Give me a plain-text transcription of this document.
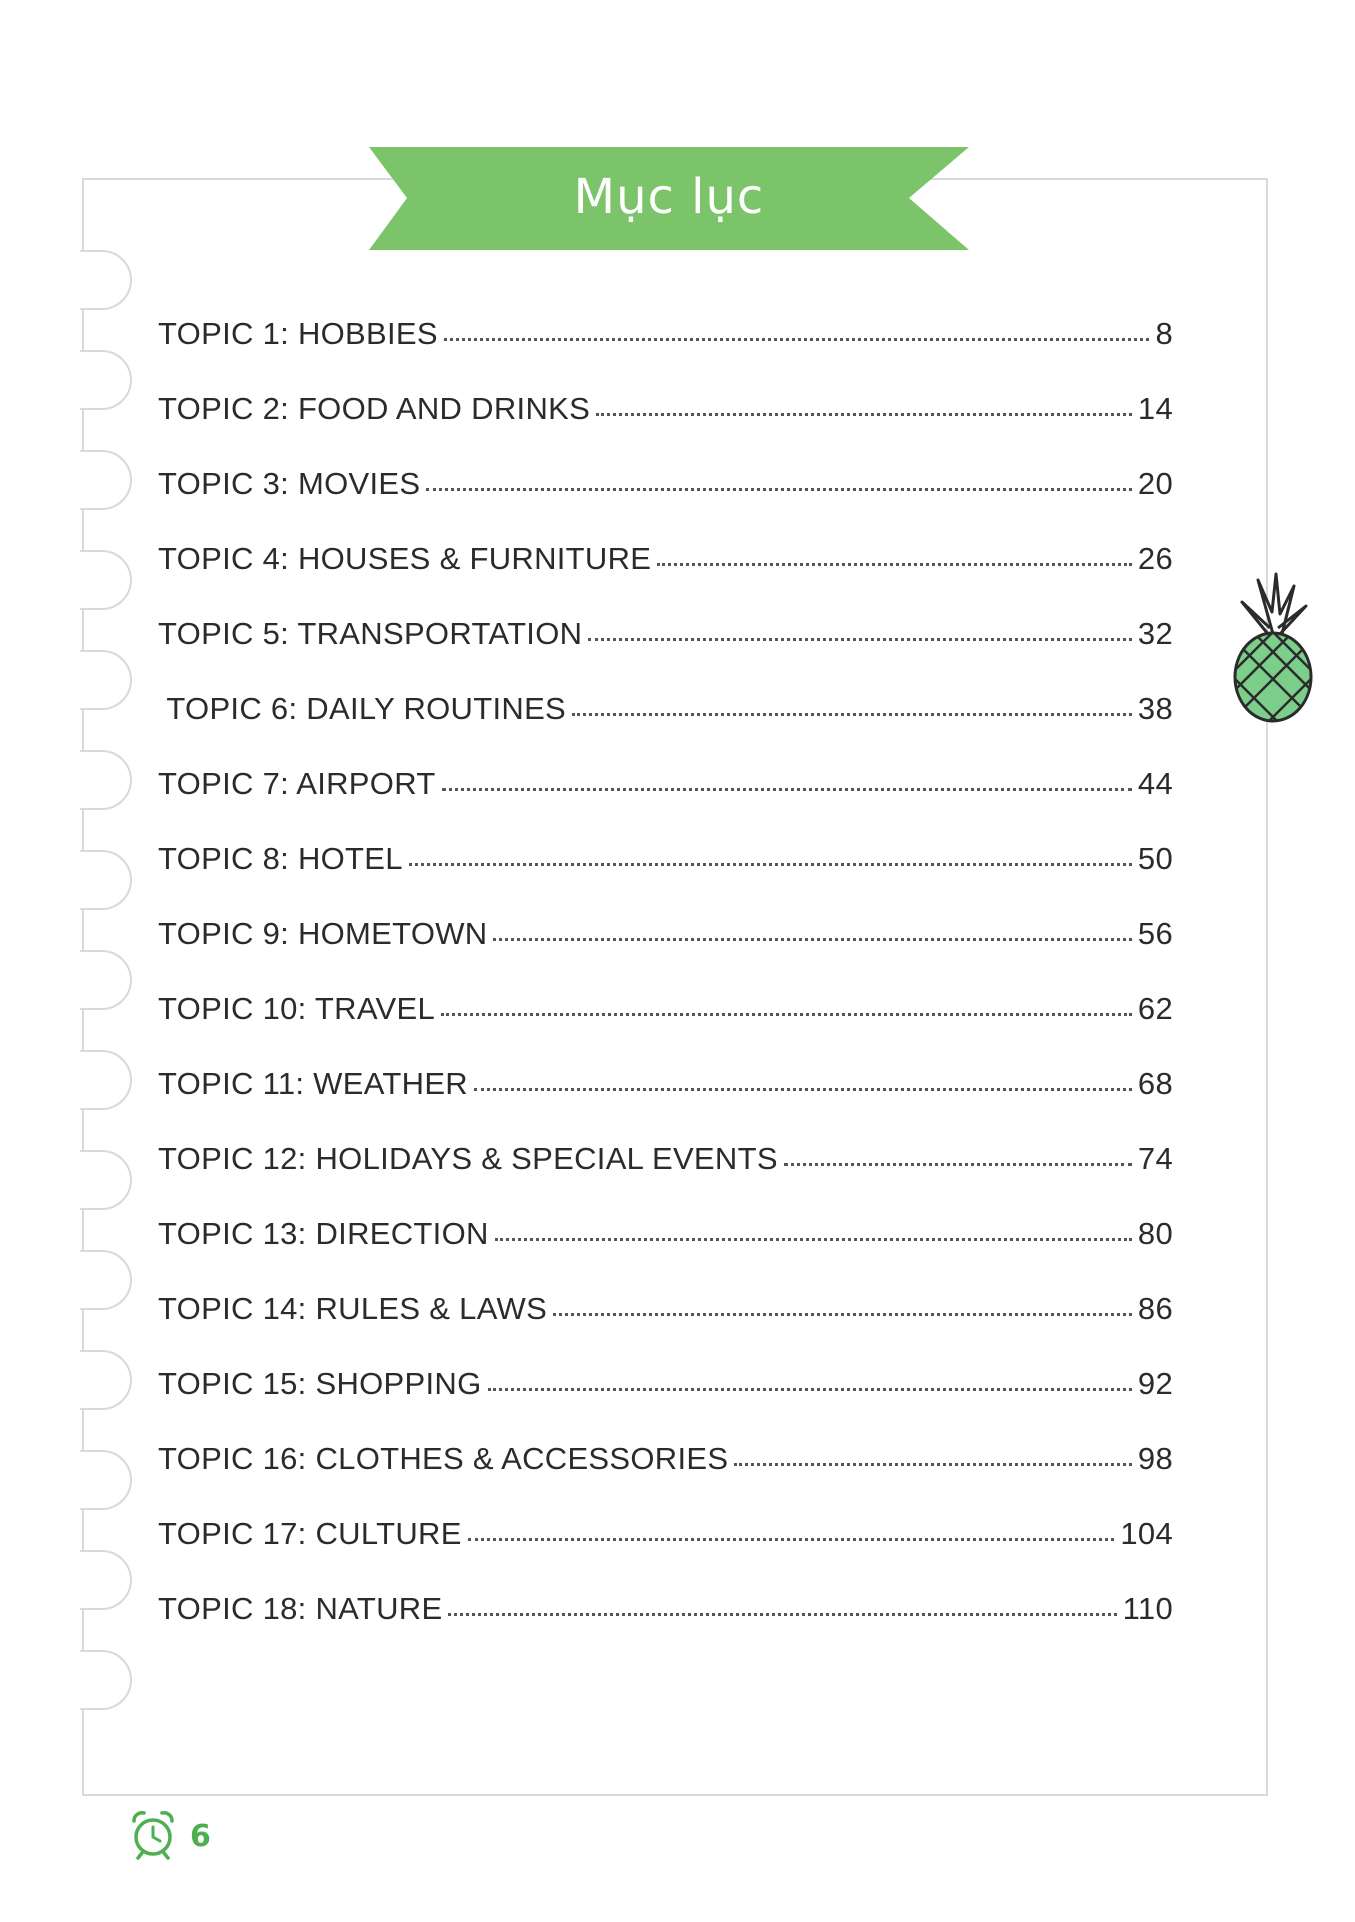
Mục lục
TOPIC 1: HOBBIES	8
TOPIC 2: FOOD AND DRINKS	14
TOPIC 3: MOVIES	20
TOPIC 4: HOUSES & FURNITURE	26
TOPIC 5: TRANSPORTATION	32
TOPIC 6: DAILY ROUTINES	38
TOPIC 7: AIRPORT	44
TOPIC 8: HOTEL	50
TOPIC 9: HOMETOWN	56
TOPIC 10: TRAVEL	62
TOPIC 11: WEATHER	68
TOPIC 12: HOLIDAYS & SPECIAL EVENTS	74
TOPIC 13: DIRECTION	80
TOPIC 14: RULES & LAWS	86
TOPIC 15: SHOPPING	92
TOPIC 16: CLOTHES & ACCESSORIES	98
TOPIC 17: CULTURE	104
TOPIC 18: NATURE	110
6
